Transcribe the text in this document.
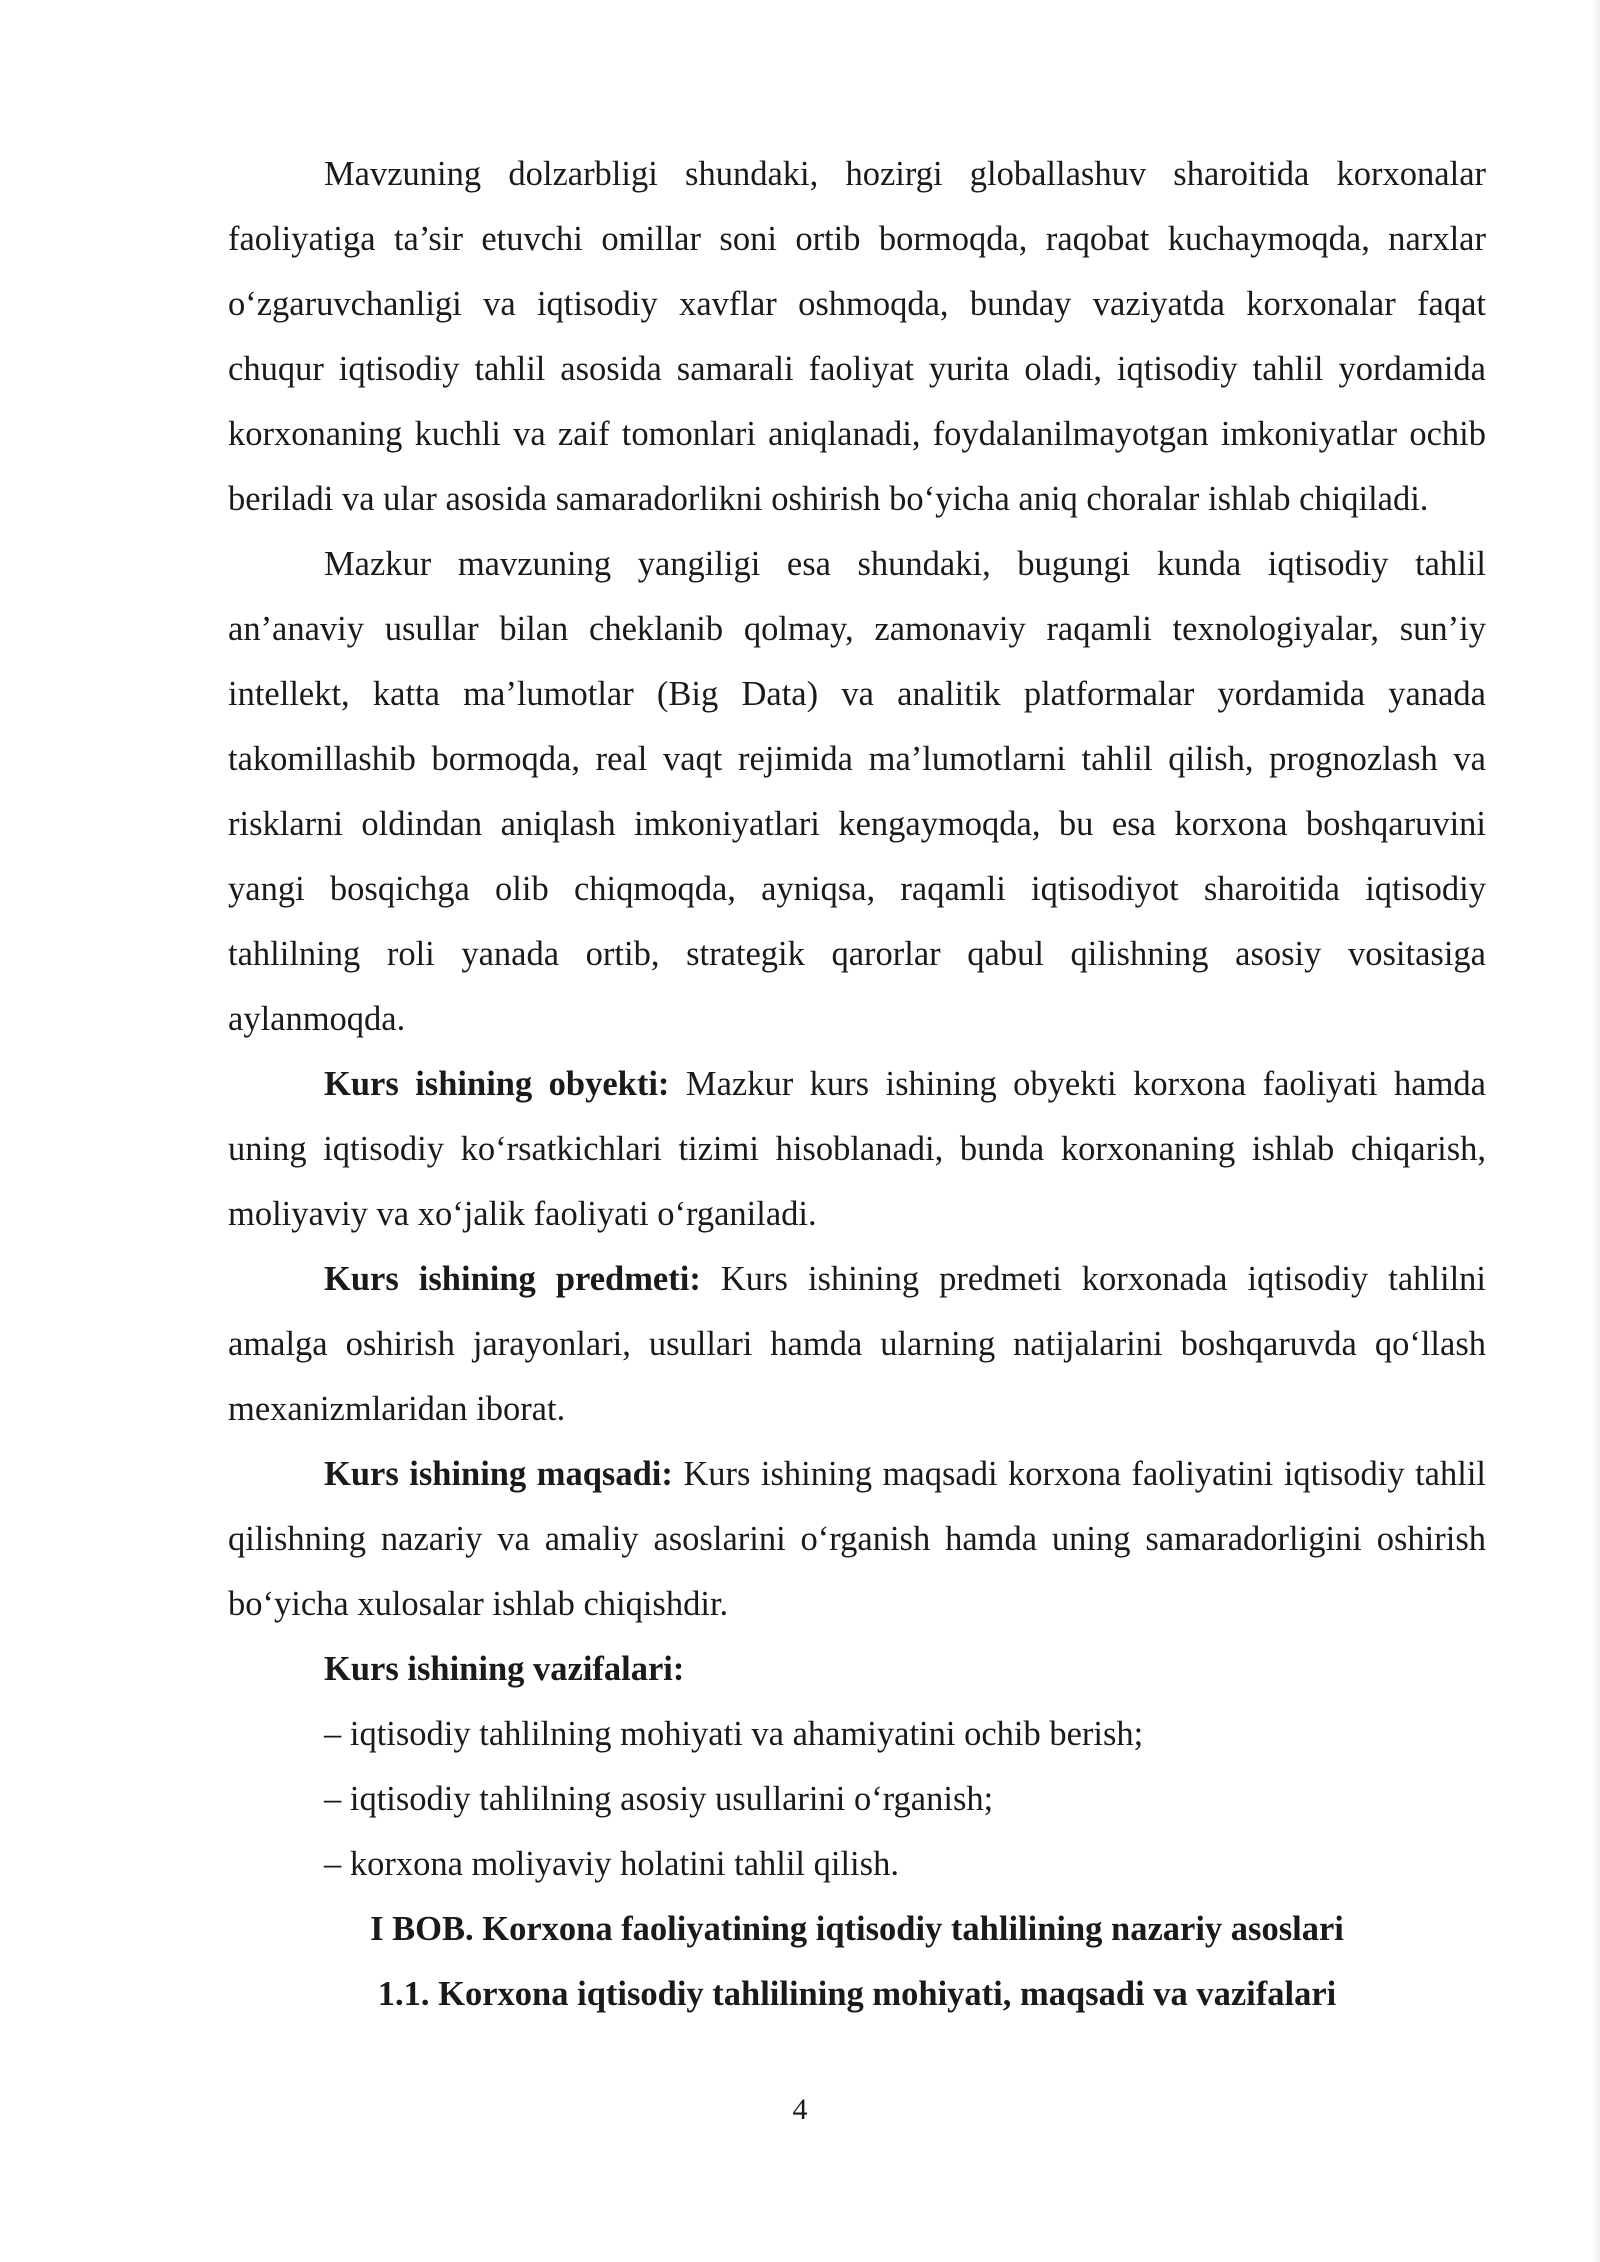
Mavzuning dolzarbligi shundaki, hozirgi globallashuv sharoitida korxonalar faoliyatiga ta’sir etuvchi omillar soni ortib bormoqda, raqobat kuchaymoqda, narxlar o‘zgaruvchanligi va iqtisodiy xavflar oshmoqda, bunday vaziyatda korxonalar faqat chuqur iqtisodiy tahlil asosida samarali faoliyat yurita oladi, iqtisodiy tahlil yordamida korxonaning kuchli va zaif tomonlari aniqlanadi, foydalanilmayotgan imkoniyatlar ochib beriladi va ular asosida samaradorlikni oshirish bo‘yicha aniq choralar ishlab chiqiladi.

Mazkur mavzuning yangiligi esa shundaki, bugungi kunda iqtisodiy tahlil an’anaviy usullar bilan cheklanib qolmay, zamonaviy raqamli texnologiyalar, sun’iy intellekt, katta ma’lumotlar (Big Data) va analitik platformalar yordamida yanada takomillashib bormoqda, real vaqt rejimida ma’lumotlarni tahlil qilish, prognozlash va risklarni oldindan aniqlash imkoniyatlari kengaymoqda, bu esa korxona boshqaruvini yangi bosqichga olib chiqmoqda, ayniqsa, raqamli iqtisodiyot sharoitida iqtisodiy tahlilning roli yanada ortib, strategik qarorlar qabul qilishning asosiy vositasiga aylanmoqda.

Kurs ishining obyekti: Mazkur kurs ishining obyekti korxona faoliyati hamda uning iqtisodiy ko‘rsatkichlari tizimi hisoblanadi, bunda korxonaning ishlab chiqarish, moliyaviy va xo‘jalik faoliyati o‘rganiladi.

Kurs ishining predmeti: Kurs ishining predmeti korxonada iqtisodiy tahlilni amalga oshirish jarayonlari, usullari hamda ularning natijalarini boshqaruvda qo‘llash mexanizmlaridan iborat.

Kurs ishining maqsadi: Kurs ishining maqsadi korxona faoliyatini iqtisodiy tahlil qilishning nazariy va amaliy asoslarini o‘rganish hamda uning samaradorligini oshirish bo‘yicha xulosalar ishlab chiqishdir.

Kurs ishining vazifalari:

– iqtisodiy tahlilning mohiyati va ahamiyatini ochib berish;

– iqtisodiy tahlilning asosiy usullarini o‘rganish;

– korxona moliyaviy holatini tahlil qilish.

I BOB. Korxona faoliyatining iqtisodiy tahlilining nazariy asoslari

1.1. Korxona iqtisodiy tahlilining mohiyati, maqsadi va vazifalari

4
